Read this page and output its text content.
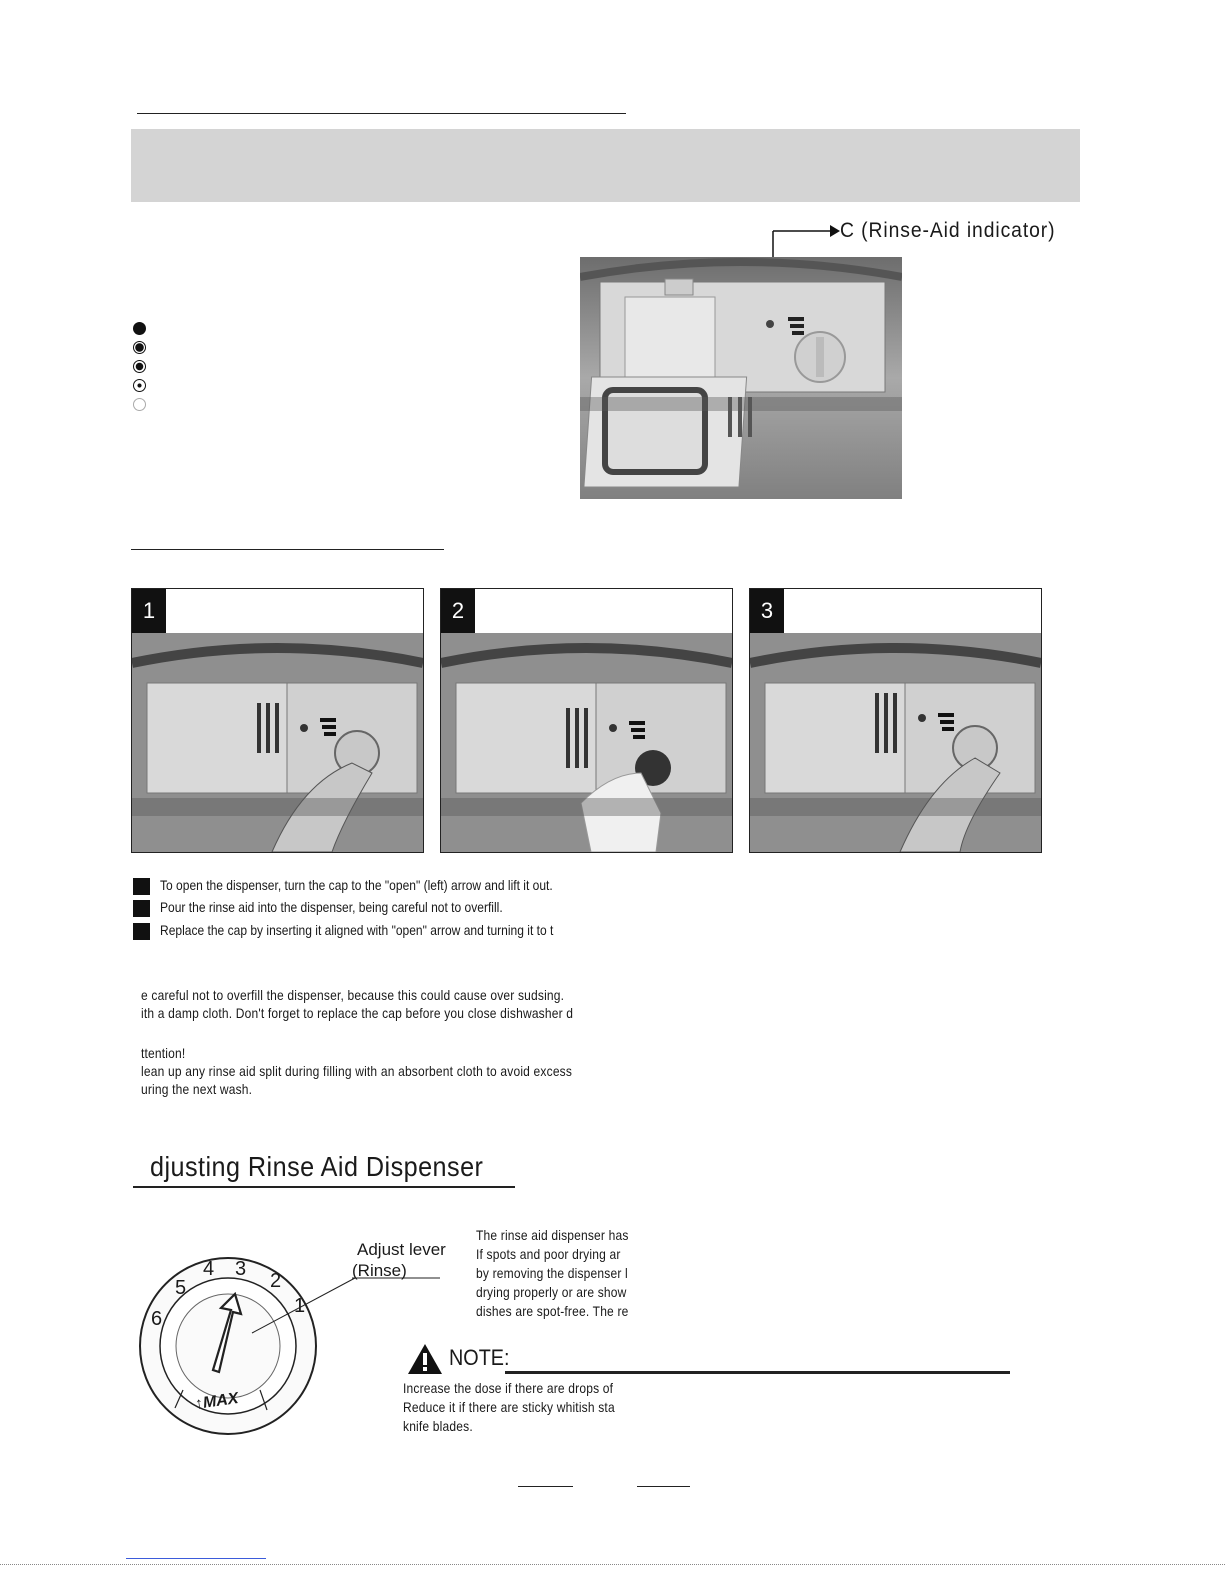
C (Rinse-Aid indicator)
1	2	3
To open the dispenser, turn the cap to the "open" (left) arrow and lift it out.
Pour the rinse aid into the dispenser, being careful not to overfill.
Replace the cap by inserting it aligned with "open" arrow and turning it to t
e careful not to overfill the dispenser, because this could cause over sudsing.
ith a damp cloth. Don't forget to replace the cap before you close dishwasher d
ttention!
lean up any rinse aid split during filling with an absorbent cloth to avoid excess
uring the next wash.
djusting Rinse Aid Dispenser
1
2
3
4
5
6
↑MAX
Adjust lever
(Rinse)
The rinse aid dispenser has
If spots and poor drying ar
by removing the dispenser l
drying properly or are show
dishes are spot-free. The re
NOTE:
Increase the dose if there are drops of
Reduce it if there are sticky whitish sta
knife blades.
